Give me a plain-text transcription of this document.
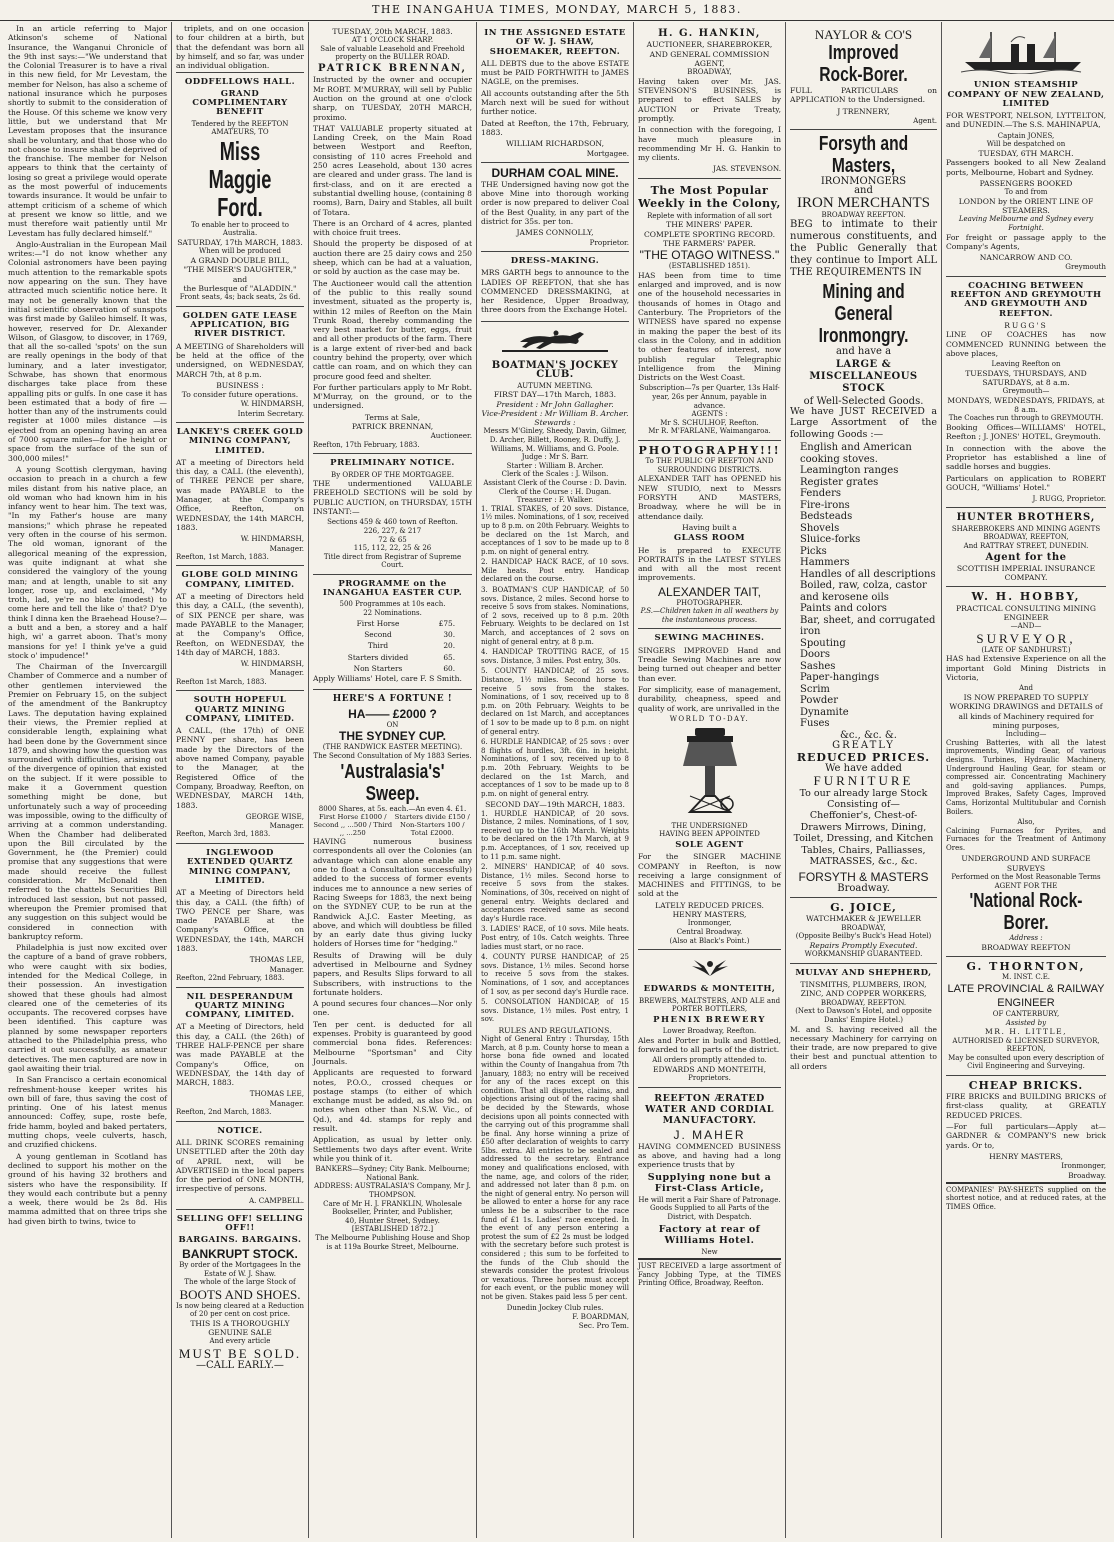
THE INANGAHUA TIMES, MONDAY, MARCH 5, 1883.

In an article referring to Major Atkinson's scheme of National Insurance, the Wanganui Chronicle of the 9th inst says:—"We understand that the Colonial Treasurer is to have a rival in this new field, for Mr Levestam, the member for Nelson, has also a scheme of national insurance which he purposes shortly to submit to the consideration of the House. Of this scheme we know very little, but we understand that Mr Levestam proposes that the insurance shall be voluntary, and that those who do not choose to insure shall be deprived of the franchise. The member for Nelson appears to think that the certainty of losing so great a privilege would operate as the most powerful of inducements towards insurance. It would be unfair to attempt criticism of a scheme of which at present we know so little, and we must therefore wait patiently until Mr Levestam has fully declared himself."

Anglo-Australian in the European Mail writes:—"I do not know whether any Colonial astronomers have been paying much attention to the remarkable spots now appearing on the sun. They have attracted much scientific notice here. It may not be generally known that the initial scientific observation of sunspots was first made by Galileo himself. It was, however, reserved for Dr. Alexander Wilson, of Glasgow, to discover, in 1769, that all the so-called 'spots' on the sun are really openings in the body of that luminary, and a later investigator, Schwabe, has shown that enormous discharges take place from these appalling pits or gulfs. In one case it has been estimated that a body of fire —hotter than any of the instruments could register at 1000 miles distance —is ejected from an opening having an area of 7000 square miles—for the height or space from the surface of the sun of 300,000 miles!"

A young Scottish clergyman, having occasion to preach in a church a few miles distant from his native place, an old woman who had known him in his infancy went to hear him. The text was, "In my Father's house are many mansions;" which phrase he repeated very often in the course of his sermon. The old woman, ignorant of the allegorical meaning of the expression, was quite indignant at what she considered the vainglory of the young man; and at length, unable to sit any longer, rose up, and exclaimed, "My troth, lad, ye're no blate (modest) to come here and tell the like o' that? D'ye think I dinna ken the Braehead House?—a butt and a ben, a storey and a half high, wi' a garret aboon. That's mony mansions for ye! I think ye've a guid stock o' impudence!"

The Chairman of the Invercargill Chamber of Commerce and a number of other gentlemen interviewed the Premier on February 15, on the subject of the amendment of the Bankruptcy Laws. The deputation having explained their views, the Premier replied at considerable length, explaining what had been done by the Government since 1879, and showing how the question was surrounded with difficulties, arising out of the divergence of opinion that existed on the subject. If it were possible to make it a Government question something might be done, but unfortunately such a way of proceeding was impossible, owing to the difficulty of arriving at a common understanding. When the Chamber had deliberated upon the Bill circulated by the Government, he (the Premier) could promise that any suggestions that were made should receive the fullest consideration. Mr McDonald then referred to the chattels Securities Bill introduced last session, but not passed, whereupon the Premier promised that any suggestion on this subject would be considered in connection with bankruptcy reform.

Philadelphia is just now excited over the capture of a band of grave robbers, who were caught with six bodies, intended for the Medical College, in their possession. An investigation showed that these ghouls had almost cleared one of the cemeteries of its occupants. The recovered corpses have been identified. This capture was planned by some newspaper reporters attached to the Philadelphia press, who carried it out successfully, as amateur detectives. The men captured are now in gaol awaiting their trial.

In San Francisco a certain economical refreshment-house keeper writes his own bill of fare, thus saving the cost of printing. One of his latest menus announced: Coffey, supe, roste befe, fride hamm, boyled and baked pertaters, mutting chops, veele culverts, hasch, and cruzified chickens.

A young gentleman in Scotland has declined to support his mother on the ground of his having 32 brothers and sisters who have the responsibility. If they would each contribute but a penny a week, there would be 2s 8d. His mamma admitted that on three trips she had given birth to twins, twice to

triplets, and on one occasion to four children at a birth, but that the defendant was born all by himself, and so far, was under an individual obligation.

ODDFELLOWS HALL.
GRAND COMPLIMENTARY BENEFIT
Tendered by the REEFTON AMATEURS, TO
Miss Maggie Ford.
To enable her to proceed to Australia.
SATURDAY, 17th MARCH, 1883.
When will be produced
A GRAND DOUBLE BILL,
"THE MISER'S DAUGHTER," and
the Burlesque of "ALADDIN."
Front seats, 4s; back seats, 2s 6d.
GOLDEN GATE LEASE APPLICATION, BIG RIVER DISTRICT.

A MEETING of Shareholders will be held at the office of the undersigned, on WEDNESDAY, MARCH 7th, at 8 p.m.

BUSINESS :
To consider future operations.
W. HINDMARSH,
Interim Secretary.
LANKEY'S CREEK GOLD MINING COMPANY, LIMITED.

AT a meeting of Directors held this day, a CALL (the eleventh), of THREE PENCE per share, was made PAYABLE to the Manager, at the Company's Office, Reefton, on WEDNESDAY, the 14th MARCH, 1883.

W. HINDMARSH,
Manager.
Reefton, 1st March, 1883.
GLOBE GOLD MINING COMPANY, LIMITED.

AT a meeting of Directors held this day, a CALL, (the seventh), of SIX PENCE per share, was made PAYABLE to the Manager, at the Company's Office, Reefton, on WEDNESDAY, the 14th day of MARCH, 1883.

W. HINDMARSH,
Manager.
Reefton 1st March, 1883.
SOUTH HOPEFUL QUARTZ MINING COMPANY, LIMITED.

A CALL, (the 17th) of ONE PENNY per share, has been made by the Directors of the above named Company, payable to the Manager, at the Registered Office of the Company, Broadway, Reefton, on WEDNESDAY, MARCH 14th, 1883.

GEORGE WISE,
Manager.
Reefton, March 3rd, 1883.
INGLEWOOD EXTENDED QUARTZ MINING COMPANY, LIMITED.

AT a Meeting of Directors held this day, a CALL (the fifth) of TWO PENCE per Share, was made PAYABLE at the Company's Office, on WEDNESDAY, the 14th, MARCH 1883.

THOMAS LEE,
Manager.
Reefton, 22nd February, 1883.
NIL DESPERANDUM QUARTZ MINING COMPANY, LIMITED.

AT a Meeting of Directors, held this day, a CALL (the 26th) of THREE HALF-PENCE per share was made PAYABLE at the Company's Office, on WEDNESDAY, the 14th day of MARCH, 1883.

THOMAS LEE,
Manager.
Reefton, 2nd March, 1883.
NOTICE.

ALL DRINK SCORES remaining UNSETTLED after the 20th day of APRIL next, will be ADVERTISED in the local papers for the period of ONE MONTH, irrespective of persons.

A. CAMPBELL.
SELLING OFF! SELLING OFF!!
BARGAINS. BARGAINS.
BANKRUPT STOCK.
By order of the Mortgagees In the Estate of W. J. Shaw.
The whole of the large Stock of
BOOTS AND SHOES.
Is now being cleared at a Reduction of 20 per cent on cost price.
THIS IS A THOROUGHLY
GENUINE SALE
And every article
MUST BE SOLD.
—CALL EARLY.—
TUESDAY, 20th MARCH, 1883.
AT 1 O'CLOCK SHARP.
Sale of valuable Leasehold and Freehold property on the BULLER ROAD.
PATRICK BRENNAN,

Instructed by the owner and occupier Mr ROBT. M'MURRAY, will sell by Public Auction on the ground at one o'clock sharp, on TUESDAY, 20TH MARCH, proximo.

THAT VALUABLE property situated at Landing Creek, on the Main Road between Westport and Reefton, consisting of 110 acres Freehold and 250 acres Leasehold, about 130 acres are cleared and under grass. The land is first-class, and on it are erected a substantial dwelling house, (containing 8 rooms), Barn, Dairy and Stables, all built of Totara.

There is an Orchard of 4 acres, planted with choice fruit trees.

Should the property be disposed of at auction there are 25 dairy cows and 250 sheep, which can be had at a valuation, or sold by auction as the case may be.

The Auctioneer would call the attention of the public to this really sound investment, situated as the property is, within 12 miles of Reefton on the Main Trunk Road, thereby commanding the very best market for butter, eggs, fruit and all other products of the farm. There is a large extent of river-bed and back country behind the property, over which cattle can roam, and on which they can procure good feed and shelter.

For further particulars apply to Mr Robt. M'Murray, on the ground, or to the undersigned.

Terms at Sale,
PATRICK BRENNAN,
Auctioneer.
Reefton, 17th February, 1883.
PRELIMINARY NOTICE.
By ORDER OF THE MORTGAGEE.

THE undermentioned VALUABLE FREEHOLD SECTIONS will be sold by PUBLIC AUCTION, on THURSDAY, 15TH INSTANT:—

Sections 459 & 460 town of Reefton.
226, 227, & 217
72 & 65
115, 112, 22, 25 & 26
Title direct from Registrar of Supreme Court.
PROGRAMME on the INANGAHUA EASTER CUP.
500 Programmes at 10s each.
22 Nominations.
First Horse	£75.
Second	30.
Third	20.
Starters divided	65.
Non Starters	60.

Apply Williams' Hotel, care F. S Smith.

HERE'S A FORTUNE !
HA—— £2000 ?
ON
THE SYDNEY CUP.
(THE RANDWICK EASTER MEETING).
The Second Consultation of My 1883 Series.
'Australasia's' Sweep.
8000 Shares, at 5s. each.—An even 4. £1.
First Horse £1000 / Second ,, ...500 / Third ,, ...250
Starters divide £150 / Non-Starters 100 / Total £2000.

HAVING numerous business correspondents all over the Colonies (an advantage which can alone enable any one to float a Consultation successfully) added to the success of former events induces me to announce a new series of Racing Sweeps for 1883, the next being on the SYDNEY CUP, to be run at the Randwick A.J.C. Easter Meeting, as above, and which will doubtless be filled by an early date thus giving lucky holders of Horses time for "hedging."

Results of Drawing will be duly advertised in Melbourne and Sydney papers, and Results Slips forward to all Subscribers, with instructions to the fortunate holders.

A pound secures four chances—Nor only one.

Ten per cent. is deducted for all expenses. Probity is guaranteed by good commercial bona fides. References: Melbourne "Sportsman" and City Journals.

Applicants are requested to forward notes, P.O.O., crossed cheques or postage stamps (to either of which exchange must be added, as also 9d. on notes when other than N.S.W. Vic., of Qd.), and 4d. stamps for reply and result.

Application, as usual by letter only. Settlements two days after event. Write while you think of it.

BANKERS—Sydney; City Bank. Melbourne; National Bank.
ADDRESS: AUSTRALASIA'S Company, Mr J. THOMPSON.
Care of Mr H. J. FRANKLIN, Wholesale Bookseller, Printer, and Publisher,
40, Hunter Street, Sydney.
[ESTABLISHED 1872.]
The Melbourne Publishing House and Shop is at 119a Bourke Street, Melbourne.
IN THE ASSIGNED ESTATE OF W. J. SHAW, SHOEMAKER, REEFTON.

ALL DEBTS due to the above ESTATE must be PAID FORTHWITH to JAMES NAGLE, on the premises.

All accounts outstanding after the 5th March next will be sued for without further notice.

Dated at Reefton, the 17th, February, 1883.

WILLIAM RICHARDSON,
Mortgagee.
DURHAM COAL MINE.

THE Undersigned having now got the above Mine into thorough working order is now prepared to deliver Coal of the Best Quality, in any part of the district for 35s. per ton.

JAMES CONNOLLY,
Proprietor.
DRESS-MAKING.

MRS GARTH begs to announce to the LADIES OF REEFTON, that she has COMMENCED DRESSMAKING, at her Residence, Upper Broadway, three doors from the Exchange Hotel.

BOATMAN'S JOCKEY CLUB.
AUTUMN MEETING.
FIRST DAY—17th March, 1883.
President : Mr John Gallagher.
Vice-President : Mr William B. Archer.
Stewards :
Messrs M'Ginley, Sheedy, Davin, Gilmer, D. Archer, Billett, Rooney, R. Duffy, J. Williams, M. Williams, and G. Poole.
Judge : Mr S. Barr.
Starter : William B. Archer.
Clerk of the Scales : J. Wilson.
Assistant Clerk of the Course : D. Davin.
Clerk of the Course : H. Dugan.
Treasurer : F. Walker.

1. TRIAL STAKES, of 20 sovs. Distance, 1½ miles. Nominations, of 1 sov, received up to 8 p.m. on 20th February. Weights to be declared on the 1st March, and acceptances of 1 sov to be made up to 8 p.m. on night of general entry.

2. HANDICAP HACK RACE, of 10 sovs. Mile heats. Post entry. Handicap declared on the course.

3. BOATMAN'S CUP HANDICAP, of 50 sovs. Distance, 2 miles. Second horse to receive 5 sovs from stakes. Nominations, of 2 sovs, received up to 8 p.m. 20th February. Weights to be declared on 1st March, and acceptances of 2 sovs on night of general entry, at 8 p.m.

4. HANDICAP TROTTING RACE, of 15 sovs. Distance, 3 miles. Post entry, 30s.

5. COUNTY HANDICAP, of 25 sovs. Distance, 1½ miles. Second horse to receive 5 sovs from the stakes. Nominations, of 1 sov, received up to 8 p.m. on 20th February. Weights to be declared on 1st March, and acceptances of 1 sov to be made up to 8 p.m. on night of general entry.

6. HURDLE HANDICAP, of 25 sovs : over 8 flights of hurdles, 3ft. 6in. in height. Nominations, of 1 sov, received up to 8 p.m. 20th February. Weights to be declared on the 1st March, and acceptances of 1 sov to be made up to 8 p.m. on night of general entry.

SECOND DAY—19th MARCH, 1883.

1. HURDLE HANDICAP, of 20 sovs. Distance, 2 miles. Nominations, of 1 sov, received up to the 16th March. Weights to be declared on the 17th March, at 9 p.m. Acceptances, of 1 sov, received up to 11 p.m. same night.

2. MINERS' HANDICAP, of 40 sovs. Distance, 1½ miles. Second horse to receive 5 sovs from the stakes. Nominations, of 30s, received on night of general entry. Weights declared and acceptances received same as second day's Hurdle race.

3. LADIES' RACE, of 10 sovs. Mile heats. Post entry, of 10s. Catch weights. Three ladies must start, or no race.

4. COUNTY PURSE HANDICAP, of 25 sovs. Distance, 1½ miles. Second horse to receive 5 sovs from the stakes. Nominations, of 1 sov, and acceptances of 1 sov, as per second day's Hurdle race.

5. CONSOLATION HANDICAP, of 15 sovs. Distance, 1½ miles. Post entry, 1 sov.

RULES AND REGULATIONS.

Night of General Entry : Thursday, 15th March, at 8 p.m. County horse to mean a horse bona fide owned and located within the County of Inangahua from 7th January, 1883; no entry will be received for any of the races except on this condition. That all disputes, claims, and objections arising out of the racing shall be decided by the Stewards, whose decisions upon all points connected with the carrying out of this programme shall be final. Any horse winning a prize of £50 after declaration of weights to carry 5lbs. extra. All entries to be sealed and addressed to the secretary. Entrance money and qualifications enclosed, with the name, age, and colors of the rider, and addressed not later than 8 p.m. on the night of general entry. No person will be allowed to enter a horse for any race unless he be a subscriber to the race fund of £1 1s. Ladies' race excepted. In the event of any person entering a protest the sum of £2 2s must be lodged with the secretary before such protest is considered ; this sum to be forfeited to the funds of the Club should the stewards consider the protest frivolous or vexatious. Three horses must accept for each event, or the public money will not be given. Stakes paid less 5 per cent.

Dunedin Jockey Club rules.
F. BOARDMAN,
Sec. Pro Tem.
H. G. HANKIN,
AUCTIONEER, SHAREBROKER, AND GENERAL COMMISSION AGENT,
BROADWAY,

Having taken over Mr. JAS. STEVENSON'S BUSINESS, is prepared to effect SALES by AUCTION or Private Treaty, promptly.

In connection with the foregoing, I have much pleasure in recommending Mr H. G. Hankin to my clients.

JAS. STEVENSON.
The Most Popular Weekly in the Colony,
Replete with information of all sort
THE MINERS' PAPER.
COMPLETE SPORTING RECORD.
THE FARMERS' PAPER.
"THE OTAGO WITNESS."
(ESTABLISHED 1851).

HAS been from time to time enlarged and improved, and is now one of the household necessaries in thousands of homes in Otago and Canterbury. The Proprietors of the WITNESS have spared no expense in making the paper the best of its class in the Colony, and in addition to other features of interest, now publish regular Telegraphic Intelligence from the Mining Districts on the West Coast.

Subscription—7s per Quarter, 13s Half-year, 26s per Annum, payable in advance.
AGENTS :
Mr S. SCHULHOF, Reefton.
Mr R. M'FARLANE, Waimangaroa.
PHOTOGRAPHY!!!
To THE PUBLIC OF REEFTON AND SURROUNDING DISTRICTS.

ALEXANDER TAIT has OPENED his NEW STUDIO, next to Messrs FORSYTH AND MASTERS, Broadway, where he will be in attendance daily.

Having built a
GLASS ROOM

He is prepared to EXECUTE PORTRAITS in the LATEST STYLES and with all the most recent improvements.

ALEXANDER TAIT,
PHOTOGRAPHER.
P.S.—Children taken in all weathers by the instantaneous process.
SEWING MACHINES.

SINGERS IMPROVED Hand and Treadle Sewing Machines are now being turned out cheaper and better than ever.

For simplicity, ease of management, durability, cheapness, speed and quality of work, are unrivalled in the

WORLD TO-DAY.
THE UNDERSIGNED
HAVING BEEN APPOINTED
SOLE AGENT

For the SINGER MACHINE COMPANY in Reefton, is now receiving a large consignment of MACHINES and FITTINGS, to be sold at the

LATELY REDUCED PRICES.
HENRY MASTERS,
Ironmonger,
Central Broadway.
(Also at Black's Point.)
EDWARDS & MONTEITH,
BREWERS, MALTSTERS, AND ALE and PORTER BOTTLERS,
PHENIX BREWERY
Lower Broadway, Reefton.

Ales and Porter in bulk and Bottled, forwarded to all parts of the district.

All orders promptly attended to.
EDWARDS AND MONTEITH,
Proprietors.
REEFTON ÆRATED WATER AND CORDIAL MANUFACTORY.
J. MAHER

HAVING COMMENCED BUSINESS as above, and having had a long experience trusts that by

Supplying none but a First-Class Article,
He will merit a Fair Share of Patronage.
Goods Supplied to all Parts of the District, with Despatch.
Factory at rear of Williams Hotel.
New

JUST RECEIVED a large assortment of Fancy Jobbing Type, at the TIMES Printing Office, Broadway, Reefton.

NAYLOR & CO'S
Improved Rock-Borer.

FULL PARTICULARS on APPLICATION to the Undersigned.

J TRENNERY,
Agent.
Forsyth and Masters,
IRONMONGERS
and
IRON MERCHANTS
BROADWAY REEFTON.

BEG to intimate to their numerous constituents, and the Public Generally that they continue to Import ALL THE REQUIREMENTS IN

Mining and General Ironmongry.
and have a
LARGE & MISCELLANEOUS STOCK
of Well-Selected Goods.

We have JUST RECEIVED a Large Assortment of the following Goods :—

English and American cooking stoves.
Leamington ranges
Register grates
Fenders
Fire-irons
Bedsteads
Shovels
Sluice-forks
Picks
Hammers
Handles of all descriptions
Boiled, raw, colza, castor and kerosene oils
Paints and colors
Bar, sheet, and corrugated iron
Spouting
Doors
Sashes
Paper-hangings
Scrim
Powder
Dynamite
Fuses
&c., &c. &.
GREATLY
REDUCED PRICES.
We have added
FURNITURE
To our already large Stock Consisting of—

Cheffonier's, Chest-of-Drawers Mirrows, Dining, Toilet, Dressing, and Kitchen Tables, Chairs, Palliasses, MATRASSES, &c., &c.

FORSYTH & MASTERS
Broadway.
G. JOICE,
WATCHMAKER & JEWELLER
BROADWAY,
(Opposite Beilby's Buck's Head Hotel)
Repairs Promptly Executed.
WORKMANSHIP GUARANTEED.
MULVAY AND SHEPHERD,
TINSMITHS, PLUMBERS, IRON, ZINC, AND COPPER WORKERS,
BROADWAY, REEFTON.
(Next to Dawson's Hotel, and opposite Danks' Empire Hotel.)

M. and S. having received all the necessary Machinery for carrying on their trade, are now prepared to give their best and punctual attention to all orders

UNION STEAMSHIP COMPANY OF NEW ZEALAND, LIMITED

FOR WESTPORT, NELSON, LYTTELTON, and DUNEDIN.—The S.S. MAHINAPUA,

Captain JONES,
Will be despatched on
TUESDAY, 6TH MARCH.

Passengers booked to all New Zealand ports, Melbourne, Hobart and Sydney.

PASSENGERS BOOKED
To and from
LONDON by the ORIENT LINE OF STEAMERS.
Leaving Melbourne and Sydney every Fortnight.

For freight or passage apply to the Company's Agents,

NANCARROW AND CO.
Greymouth
COACHING BETWEEN REEFTON AND GREYMOUTH AND GREYMOUTH AND REEFTON.
RUGG'S

LINE OF COACHES has now COMMENCED RUNNING between the above places,

Leaving Reefton on
TUESDAYS, THURSDAYS, AND SATURDAYS, at 8 a.m.
Greymouth—
MONDAYS, WEDNESDAYS, FRIDAYS, at 8 a.m.
The Coaches run through to GREYMOUTH.

Booking Offices—WILLIAMS' HOTEL, Reefton ; J. JONES' HOTEL, Greymouth.

In connection with the above the Proprietor has established a line of saddle horses and buggies.

Particulars on application to ROBERT GOUCH, "Williams' Hotel."

J. RUGG, Proprietor.
HUNTER BROTHERS,
SHAREBROKERS AND MINING AGENTS
BROADWAY, REEFTON,
And RATTRAY STREET, DUNEDIN.
Agent for the
SCOTTISH IMPERIAL INSURANCE COMPANY.
W. H. HOBBY,
PRACTICAL CONSULTING MINING ENGINEER
—AND—
SURVEYOR,
(LATE OF SANDHURST.)

HAS had Extensive Experience on all the important Gold Mining Districts in Victoria,

And
IS NOW PREPARED TO SUPPLY WORKING DRAWINGS and DETAILS of all kinds of Machinery required for mining purposes,
Including—

Crushing Batteries, with all the latest improvements, Winding Gear, of various designs. Turbines, Hydraulic Machinery, Underground Hauling Gear, for steam or compressed air. Concentrating Machinery and gold-saving appliances. Pumps, Improved Brakes, Safety Cages, Improved Cams, Horizontal Multitubular and Cornish Boilers.

Also,

Calcining Furnaces for Pyrites, and Furnaces for the Treatment of Antimony Ores.

UNDERGROUND AND SURFACE SURVEYS
Performed on the Most Reasonable Terms
AGENT FOR THE
'National Rock-Borer.
Address :
BROADWAY REEFTON
G. THORNTON,
M. INST. C.E.
LATE PROVINCIAL & RAILWAY ENGINEER
OF CANTERBURY,
Assisted by
MR. H. LITTLE,
AUTHORISED & LICENSED SURVEYOR, REEFTON,
May be consulted upon every description of Civil Engineering and Surveying.
CHEAP BRICKS.

FIRE BRICKS and BUILDING BRICKS of first-class quality, at GREATLY REDUCED PRICES.

—For full particulars—Apply at—GARDNER & COMPANY'S new brick yards. Or to,

HENRY MASTERS,
Ironmonger,
Broadway.

COMPANIES' PAY-SHEETS supplied on the shortest notice, and at reduced rates, at the TIMES Office.
